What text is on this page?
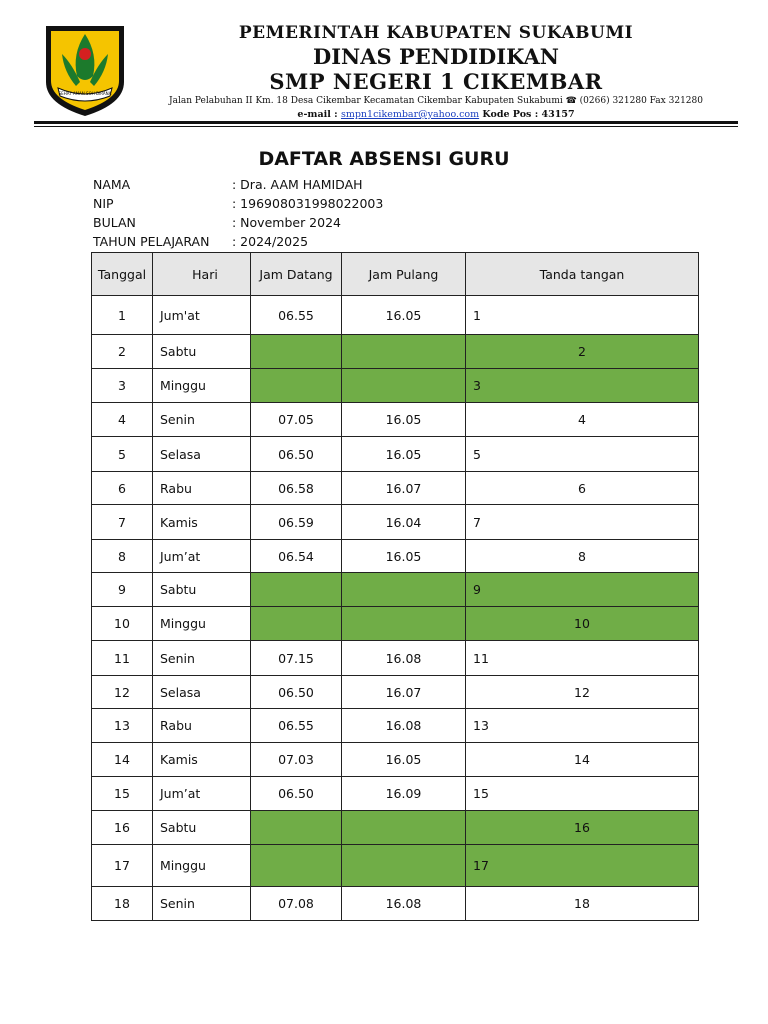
SEHAT AMAN SOH DIRANA
PEMERINTAH KABUPATEN SUKABUMI
DINAS PENDIDIKAN
SMP NEGERI 1 CIKEMBAR
Jalan Pelabuhan II Km. 18 Desa Cikembar Kecamatan Cikembar Kabupaten Sukabumi ☎ (0266) 321280 Fax 321280
e-mail : smpn1cikembar@yahoo.com Kode Pos : 43157
DAFTAR ABSENSI GURU
NAMA	: Dra. AAM HAMIDAH
NIP	: 196908031998022003
BULAN	: November 2024
TAHUN PELAJARAN	: 2024/2025
Tanggal	Hari	Jam Datang	Jam Pulang	Tanda tangan
1	Jum'at	06.55	16.05	1
2	Sabtu			2
3	Minggu			3
4	Senin	07.05	16.05	4
5	Selasa	06.50	16.05	5
6	Rabu	06.58	16.07	6
7	Kamis	06.59	16.04	7
8	Jum’at	06.54	16.05	8
9	Sabtu			9
10	Minggu			10
11	Senin	07.15	16.08	11
12	Selasa	06.50	16.07	12
13	Rabu	06.55	16.08	13
14	Kamis	07.03	16.05	14
15	Jum’at	06.50	16.09	15
16	Sabtu			16
17	Minggu			17
18	Senin	07.08	16.08	18
